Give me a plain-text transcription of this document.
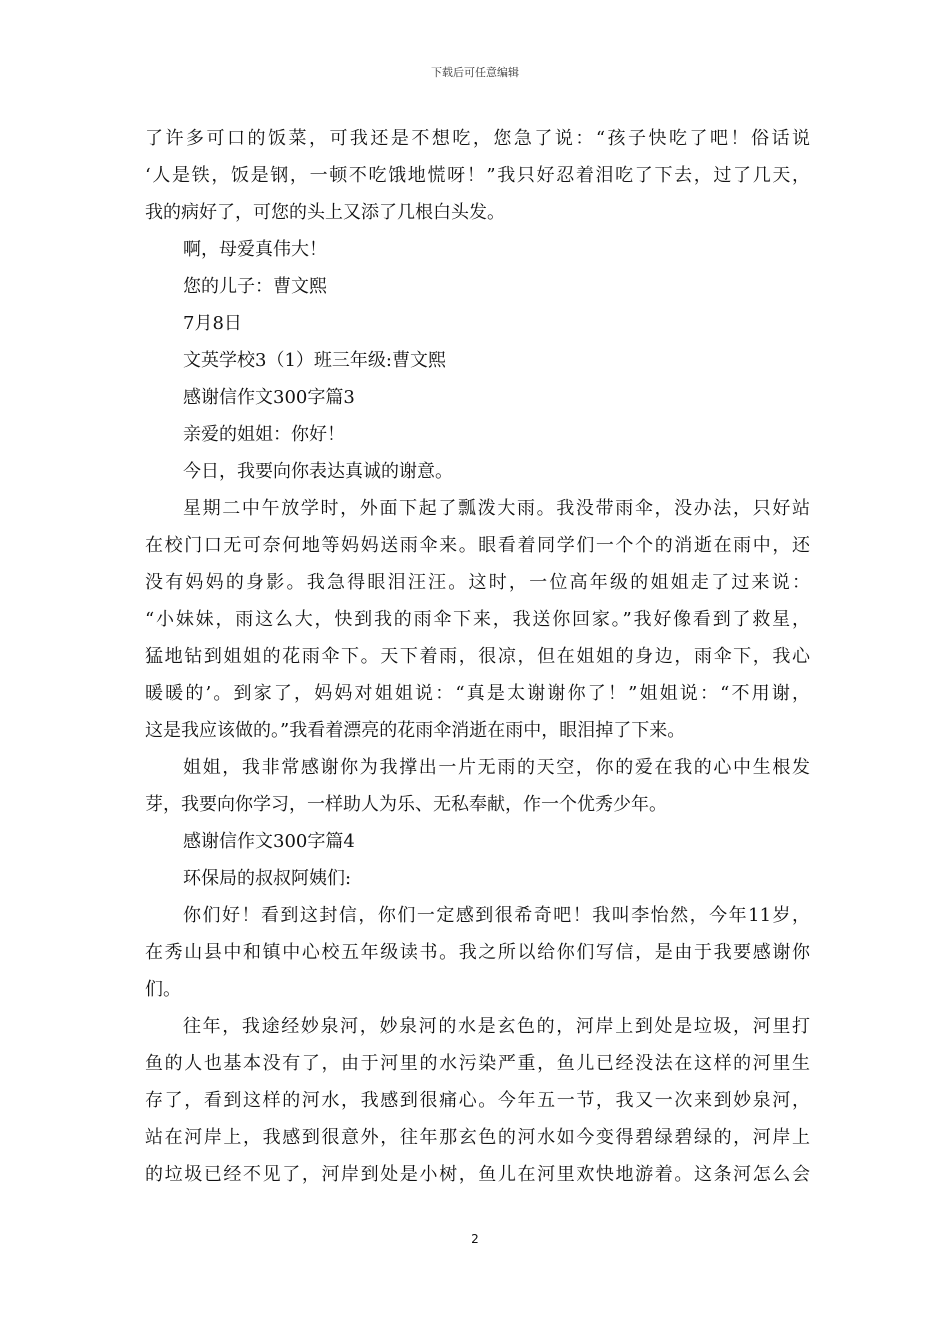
下载后可任意编辑
了许多可口的饭菜，可我还是不想吃，您急了说：“孩子快吃了吧！俗话说
‘人是铁，饭是钢，一顿不吃饿地慌呀！”我只好忍着泪吃了下去，过了几天，
我的病好了，可您的头上又添了几根白头发。
啊，母爱真伟大！
您的儿子：曹文熙
7月8日
文英学校3（1）班三年级:曹文熙
感谢信作文300字篇3
亲爱的姐姐：你好！
今日，我要向你表达真诚的谢意。
星期二中午放学时，外面下起了瓢泼大雨。我没带雨伞，没办法，只好站
在校门口无可奈何地等妈妈送雨伞来。眼看着同学们一个个的消逝在雨中，还
没有妈妈的身影。我急得眼泪汪汪。这时，一位高年级的姐姐走了过来说：
“小妹妹，雨这么大，快到我的雨伞下来，我送你回家。”我好像看到了救星，
猛地钻到姐姐的花雨伞下。天下着雨，很凉，但在姐姐的身边，雨伞下，我心
暖暖的’。到家了，妈妈对姐姐说：“真是太谢谢你了！”姐姐说：“不用谢，
这是我应该做的。”我看着漂亮的花雨伞消逝在雨中，眼泪掉了下来。
姐姐，我非常感谢你为我撑出一片无雨的天空，你的爱在我的心中生根发
芽，我要向你学习，一样助人为乐、无私奉献，作一个优秀少年。
感谢信作文300字篇4
环保局的叔叔阿姨们:
你们好！看到这封信，你们一定感到很希奇吧！我叫李怡然，今年11岁，
在秀山县中和镇中心校五年级读书。我之所以给你们写信，是由于我要感谢你
们。
往年，我途经妙泉河，妙泉河的水是玄色的，河岸上到处是垃圾，河里打
鱼的人也基本没有了，由于河里的水污染严重，鱼儿已经没法在这样的河里生
存了，看到这样的河水，我感到很痛心。今年五一节，我又一次来到妙泉河，
站在河岸上，我感到很意外，往年那玄色的河水如今变得碧绿碧绿的，河岸上
的垃圾已经不见了，河岸到处是小树，鱼儿在河里欢快地游着。这条河怎么会
2
